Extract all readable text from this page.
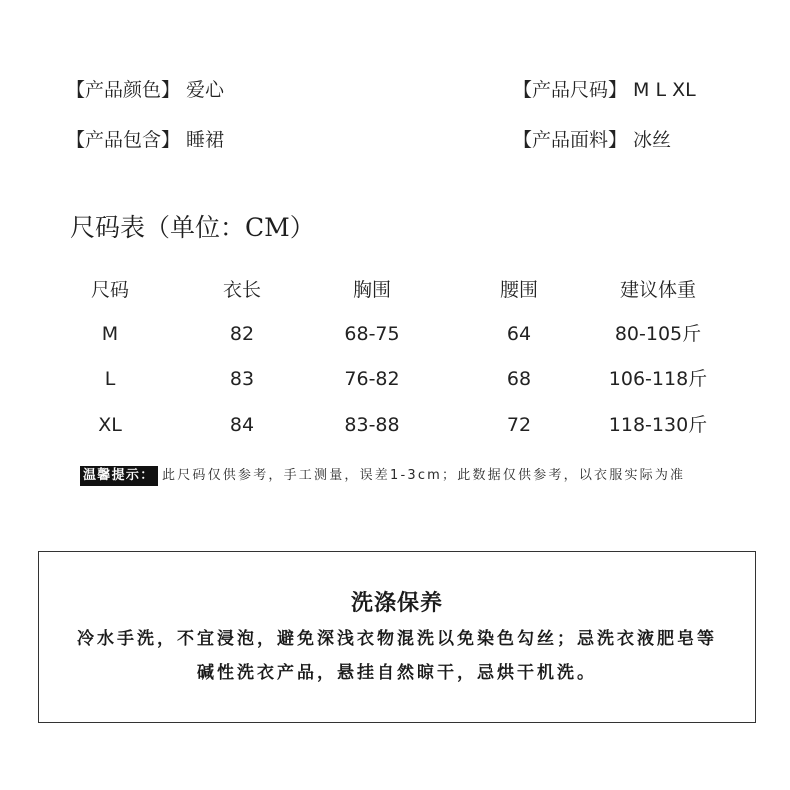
【产品颜色】 爱心	【产品尺码】 M L XL
【产品包含】 睡裙	【产品面料】 冰丝
尺码表（单位：CM）
尺码	衣长	胸围	腰围	建议体重
M	82	68-75	64	80-105斤
L	83	76-82	68	106-118斤
XL	84	83-88	72	118-130斤
温馨提示： 此尺码仅供参考，手工测量，误差1-3cm；此数据仅供参考，以衣服实际为准
洗涤保养
冷水手洗，不宜浸泡，避免深浅衣物混洗以免染色勾丝；忌洗衣液肥皂等
碱性洗衣产品，悬挂自然晾干，忌烘干机洗。
